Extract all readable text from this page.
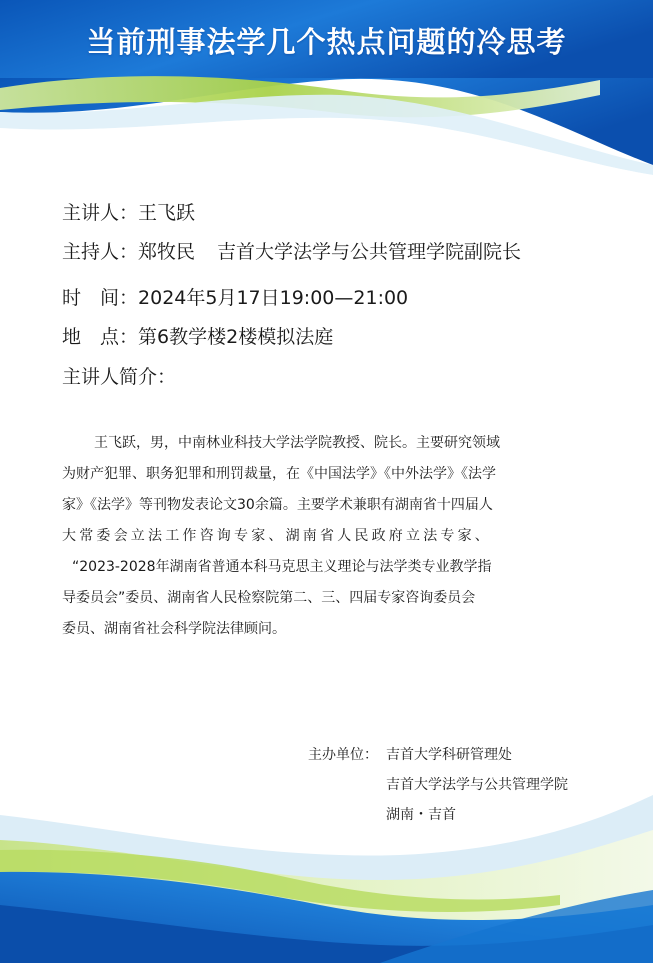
当前刑事法学几个热点问题的冷思考
主讲人：王飞跃
主持人：郑牧民 吉首大学法学与公共管理学院副院长
时　间：2024年5月17日19:00—21:00
地　点：第6教学楼2楼模拟法庭
主讲人简介：
王飞跃，男，中南林业科技大学法学院教授、院长。主要研究领域
为财产犯罪、职务犯罪和刑罚裁量，在《中国法学》《中外法学》《法学
家》《法学》等刊物发表论文30余篇。主要学术兼职有湖南省十四届人
大常委会立法工作咨询专家、湖南省人民政府立法专家、
“2023-2028年湖南省普通本科马克思主义理论与法学类专业教学指
导委员会”委员、湖南省人民检察院第二、三、四届专家咨询委员会
委员、湖南省社会科学院法律顾问。
主办单位： 吉首大学科研管理处
吉首大学法学与公共管理学院
湖南・吉首
